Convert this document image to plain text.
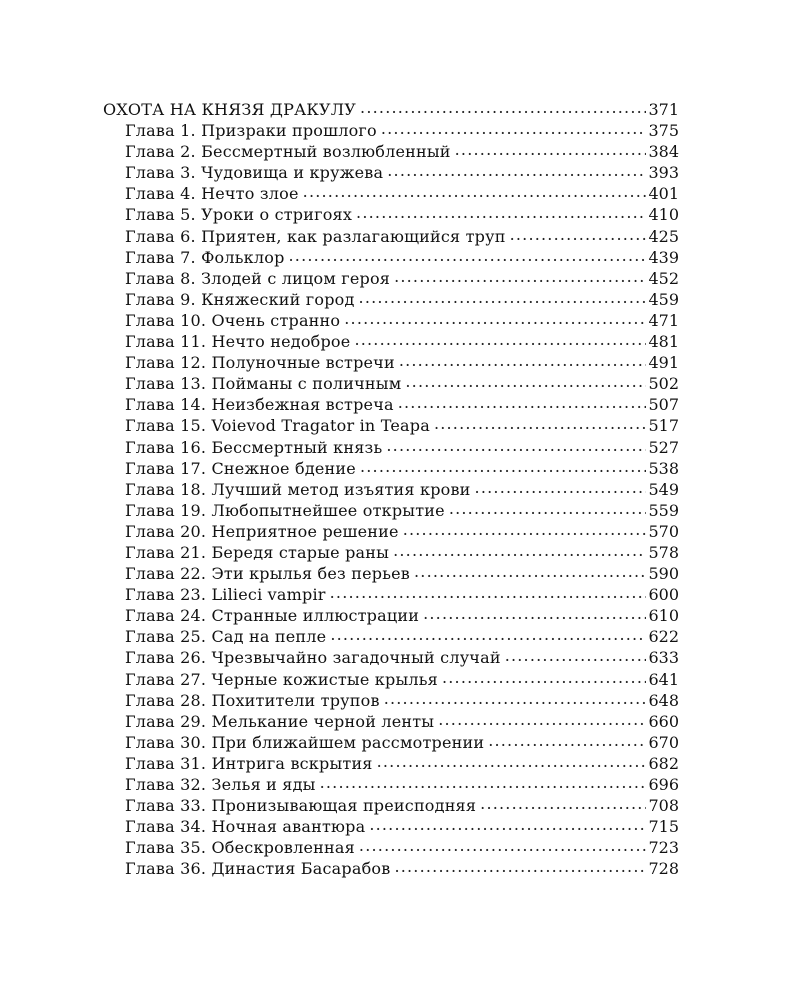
ОХОТА НА КНЯЗЯ ДРАКУЛУ .....	371
Глава 1. Призраки прошлого .....	375
Глава 2. Бессмертный возлюбленный .....	384
Глава 3. Чудовища и кружева .....	393
Глава 4. Нечто злое .....	401
Глава 5. Уроки о стригоях .....	410
Глава 6. Приятен, как разлагающийся труп .....	425
Глава 7. Фольклор .....	439
Глава 8. Злодей с лицом героя .....	452
Глава 9. Княжеский город .....	459
Глава 10. Очень странно .....	471
Глава 11. Нечто недоброе .....	481
Глава 12. Полуночные встречи .....	491
Глава 13. Пойманы с поличным .....	502
Глава 14. Неизбежная встреча .....	507
Глава 15. Voievod Tragator in Teapa .....	517
Глава 16. Бессмертный князь .....	527
Глава 17. Снежное бдение .....	538
Глава 18. Лучший метод изъятия крови .....	549
Глава 19. Любопытнейшее открытие .....	559
Глава 20. Неприятное решение .....	570
Глава 21. Бередя старые раны .....	578
Глава 22. Эти крылья без перьев .....	590
Глава 23. Lilieci vampir .....	600
Глава 24. Странные иллюстрации .....	610
Глава 25. Сад на пепле .....	622
Глава 26. Чрезвычайно загадочный случай .....	633
Глава 27. Черные кожистые крылья .....	641
Глава 28. Похитители трупов .....	648
Глава 29. Мелькание черной ленты .....	660
Глава 30. При ближайшем рассмотрении .....	670
Глава 31. Интрига вскрытия .....	682
Глава 32. Зелья и яды .....	696
Глава 33. Пронизывающая преисподняя .....	708
Глава 34. Ночная авантюра .....	715
Глава 35. Обескровленная .....	723
Глава 36. Династия Басарабов .....	728
